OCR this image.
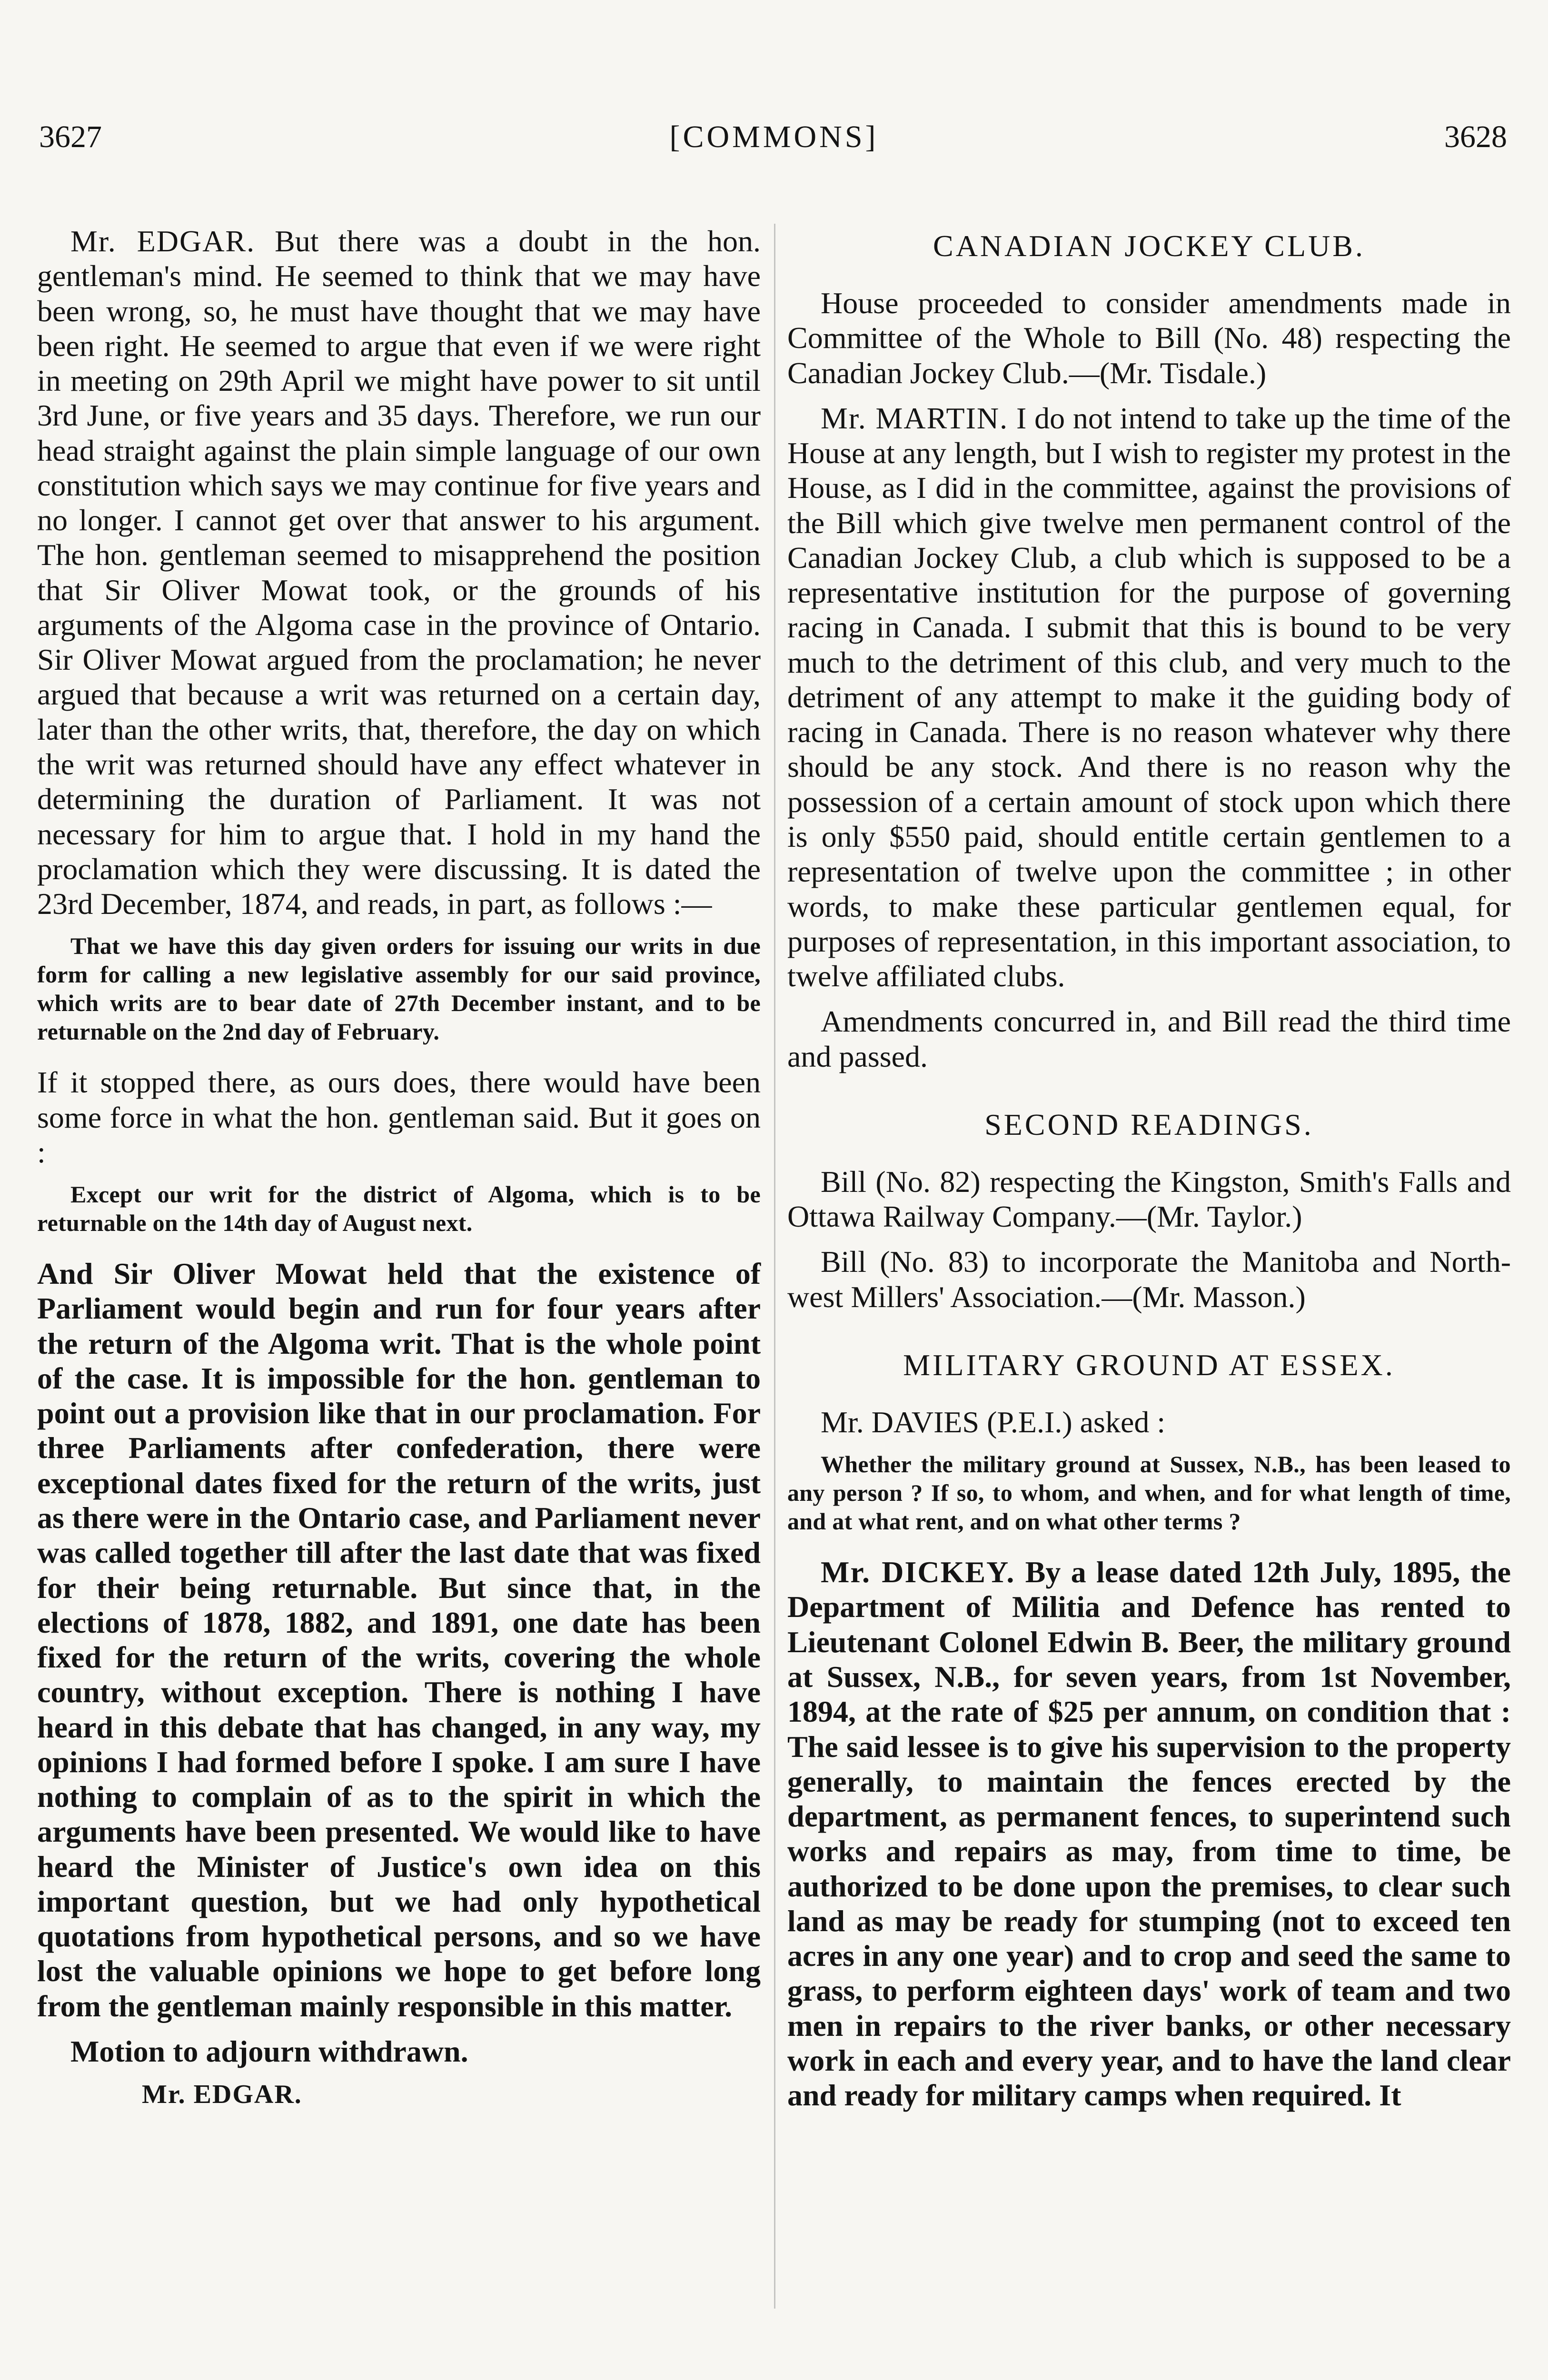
3627	[COMMONS]	3628

Mr. EDGAR. But there was a doubt in the hon. gentleman's mind. He seemed to think that we may have been wrong, so, he must have thought that we may have been right. He seemed to argue that even if we were right in meeting on 29th April we might have power to sit until 3rd June, or five years and 35 days. Therefore, we run our head straight against the plain simple language of our own constitution which says we may continue for five years and no longer. I cannot get over that answer to his argument. The hon. gentleman seemed to misapprehend the position that Sir Oliver Mowat took, or the grounds of his arguments of the Algoma case in the province of Ontario. Sir Oliver Mowat argued from the proclamation; he never argued that because a writ was returned on a certain day, later than the other writs, that, therefore, the day on which the writ was returned should have any effect whatever in determining the duration of Parliament. It was not necessary for him to argue that. I hold in my hand the proclamation which they were discussing. It is dated the 23rd December, 1874, and reads, in part, as follows :—

That we have this day given orders for issuing our writs in due form for calling a new legislative assembly for our said province, which writs are to bear date of 27th December instant, and to be returnable on the 2nd day of February.

If it stopped there, as ours does, there would have been some force in what the hon. gentleman said. But it goes on :

Except our writ for the district of Algoma, which is to be returnable on the 14th day of August next.

And Sir Oliver Mowat held that the existence of Parliament would begin and run for four years after the return of the Algoma writ. That is the whole point of the case. It is impossible for the hon. gentleman to point out a provision like that in our proclamation. For three Parliaments after confederation, there were exceptional dates fixed for the return of the writs, just as there were in the Ontario case, and Parliament never was called together till after the last date that was fixed for their being returnable. But since that, in the elections of 1878, 1882, and 1891, one date has been fixed for the return of the writs, covering the whole country, without exception. There is nothing I have heard in this debate that has changed, in any way, my opinions I had formed before I spoke. I am sure I have nothing to complain of as to the spirit in which the arguments have been presented. We would like to have heard the Minister of Justice's own idea on this important question, but we had only hypothetical quotations from hypothetical persons, and so we have lost the valuable opinions we hope to get before long from the gentleman mainly responsible in this matter.

Motion to adjourn withdrawn.

Mr. EDGAR.
CANADIAN JOCKEY CLUB.

House proceeded to consider amendments made in Committee of the Whole to Bill (No. 48) respecting the Canadian Jockey Club.—(Mr. Tisdale.)

Mr. MARTIN. I do not intend to take up the time of the House at any length, but I wish to register my protest in the House, as I did in the committee, against the provisions of the Bill which give twelve men permanent control of the Canadian Jockey Club, a club which is supposed to be a representative institution for the purpose of governing racing in Canada. I submit that this is bound to be very much to the detriment of this club, and very much to the detriment of any attempt to make it the guiding body of racing in Canada. There is no reason whatever why there should be any stock. And there is no reason why the possession of a certain amount of stock upon which there is only $550 paid, should entitle certain gentlemen to a representation of twelve upon the committee ; in other words, to make these particular gentlemen equal, for purposes of representation, in this important association, to twelve affiliated clubs.

Amendments concurred in, and Bill read the third time and passed.

SECOND READINGS.

Bill (No. 82) respecting the Kingston, Smith's Falls and Ottawa Railway Company.—(Mr. Taylor.)

Bill (No. 83) to incorporate the Manitoba and North-west Millers' Association.—(Mr. Masson.)

MILITARY GROUND AT ESSEX.

Mr. DAVIES (P.E.I.) asked :

Whether the military ground at Sussex, N.B., has been leased to any person ? If so, to whom, and when, and for what length of time, and at what rent, and on what other terms ?

Mr. DICKEY. By a lease dated 12th July, 1895, the Department of Militia and Defence has rented to Lieutenant Colonel Edwin B. Beer, the military ground at Sussex, N.B., for seven years, from 1st November, 1894, at the rate of $25 per annum, on condition that : The said lessee is to give his supervision to the property generally, to maintain the fences erected by the department, as permanent fences, to superintend such works and repairs as may, from time to time, be authorized to be done upon the premises, to clear such land as may be ready for stumping (not to exceed ten acres in any one year) and to crop and seed the same to grass, to perform eighteen days' work of team and two men in repairs to the river banks, or other necessary work in each and every year, and to have the land clear and ready for military camps when required. It
